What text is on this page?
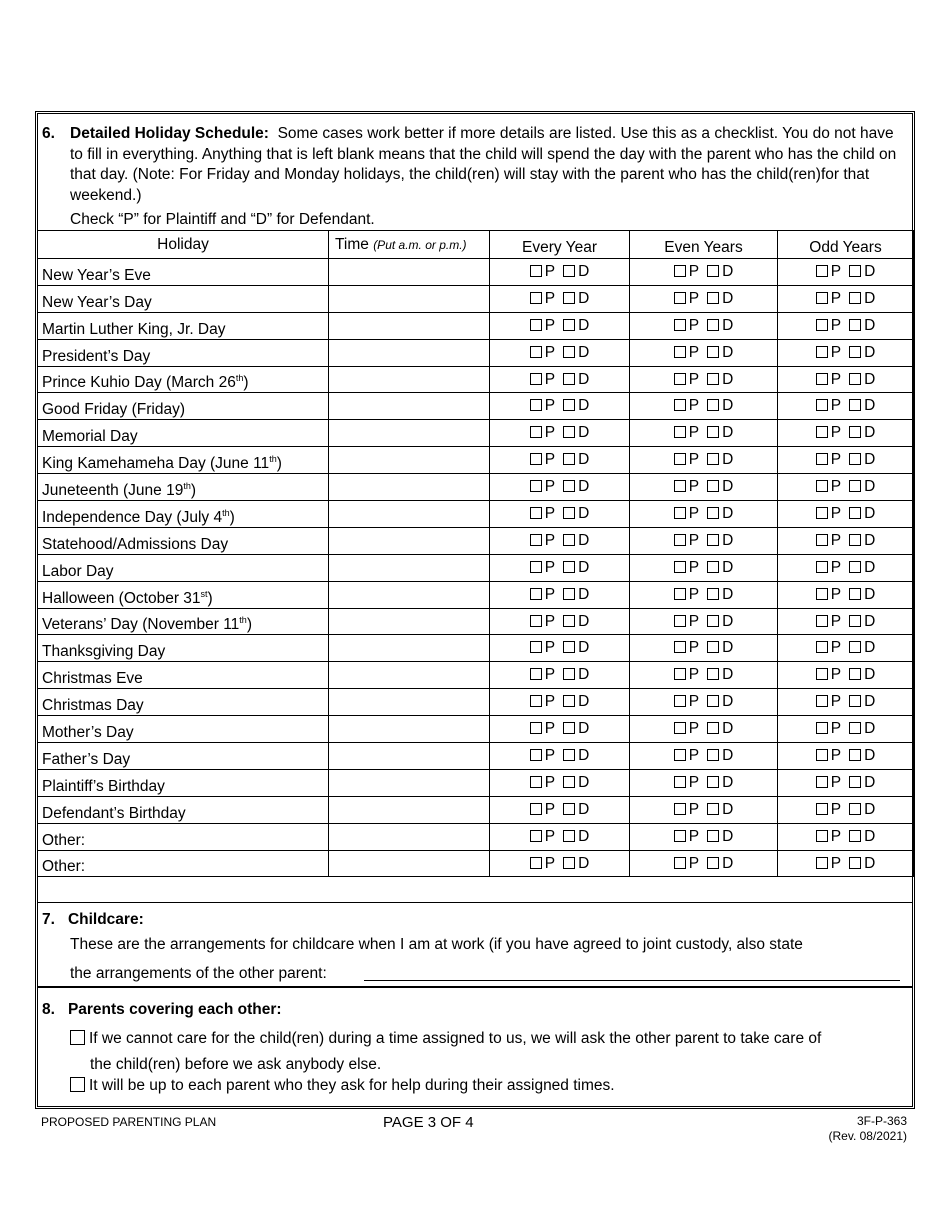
6. Detailed Holiday Schedule: Some cases work better if more details are listed. Use this as a checklist. You do not have to fill in everything. Anything that is left blank means that the child will spend the day with the parent who has the child on that day. (Note: For Friday and Monday holidays, the child(ren) will stay with the parent who has the child(ren)for that weekend.)
Check “P” for Plaintiff and “D” for Defendant.
Holiday	Time (Put a.m. or p.m.)	Every Year	Even Years	Odd Years
New Year’s Eve		P D	P D	P D
New Year’s Day		P D	P D	P D
Martin Luther King, Jr. Day		P D	P D	P D
President’s Day		P D	P D	P D
Prince Kuhio Day (March 26th)		P D	P D	P D
Good Friday (Friday)		P D	P D	P D
Memorial Day		P D	P D	P D
King Kamehameha Day (June 11th)		P D	P D	P D
Juneteenth (June 19th)		P D	P D	P D
Independence Day (July 4th)		P D	P D	P D
Statehood/Admissions Day		P D	P D	P D
Labor Day		P D	P D	P D
Halloween (October 31st)		P D	P D	P D
Veterans’ Day (November 11th)		P D	P D	P D
Thanksgiving Day		P D	P D	P D
Christmas Eve		P D	P D	P D
Christmas Day		P D	P D	P D
Mother’s Day		P D	P D	P D
Father’s Day		P D	P D	P D
Plaintiff’s Birthday		P D	P D	P D
Defendant’s Birthday		P D	P D	P D
Other:		P D	P D	P D
Other:		P D	P D	P D
7. Childcare:
These are the arrangements for childcare when I am at work (if you have agreed to joint custody, also state
the arrangements of the other parent:
8. Parents covering each other:
If we cannot care for the child(ren) during a time assigned to us, we will ask the other parent to take care of
the child(ren) before we ask anybody else.
It will be up to each parent who they ask for help during their assigned times.
PROPOSED PARENTING PLAN	PAGE 3 OF 4	3F-P-363
(Rev. 08/2021)
